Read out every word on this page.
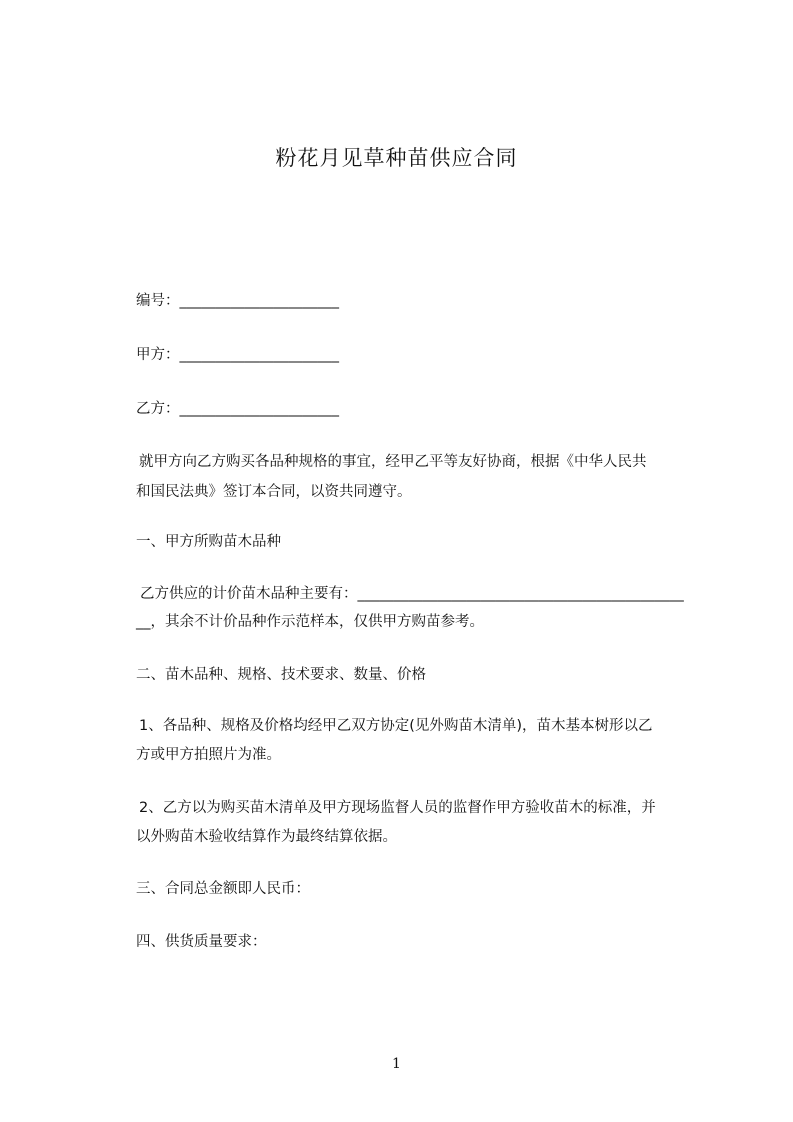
粉花月见草种苗供应合同
编号：______________________
甲方：______________________
乙方：______________________
就甲方向乙方购买各品种规格的事宜，经甲乙平等友好协商，根据《中华人民共
和国民法典》签订本合同，以资共同遵守。
一、甲方所购苗木品种
乙方供应的计价苗木品种主要有：_____________________________________________
__，其余不计价品种作示范样本，仅供甲方购苗参考。
二、苗木品种、规格、技术要求、数量、价格
1、各品种、规格及价格均经甲乙双方协定(见外购苗木清单)，苗木基本树形以乙
方或甲方拍照片为准。
2、乙方以为购买苗木清单及甲方现场监督人员的监督作甲方验收苗木的标准，并
以外购苗木验收结算作为最终结算依据。
三、合同总金额即人民币：
四、供货质量要求：
1
